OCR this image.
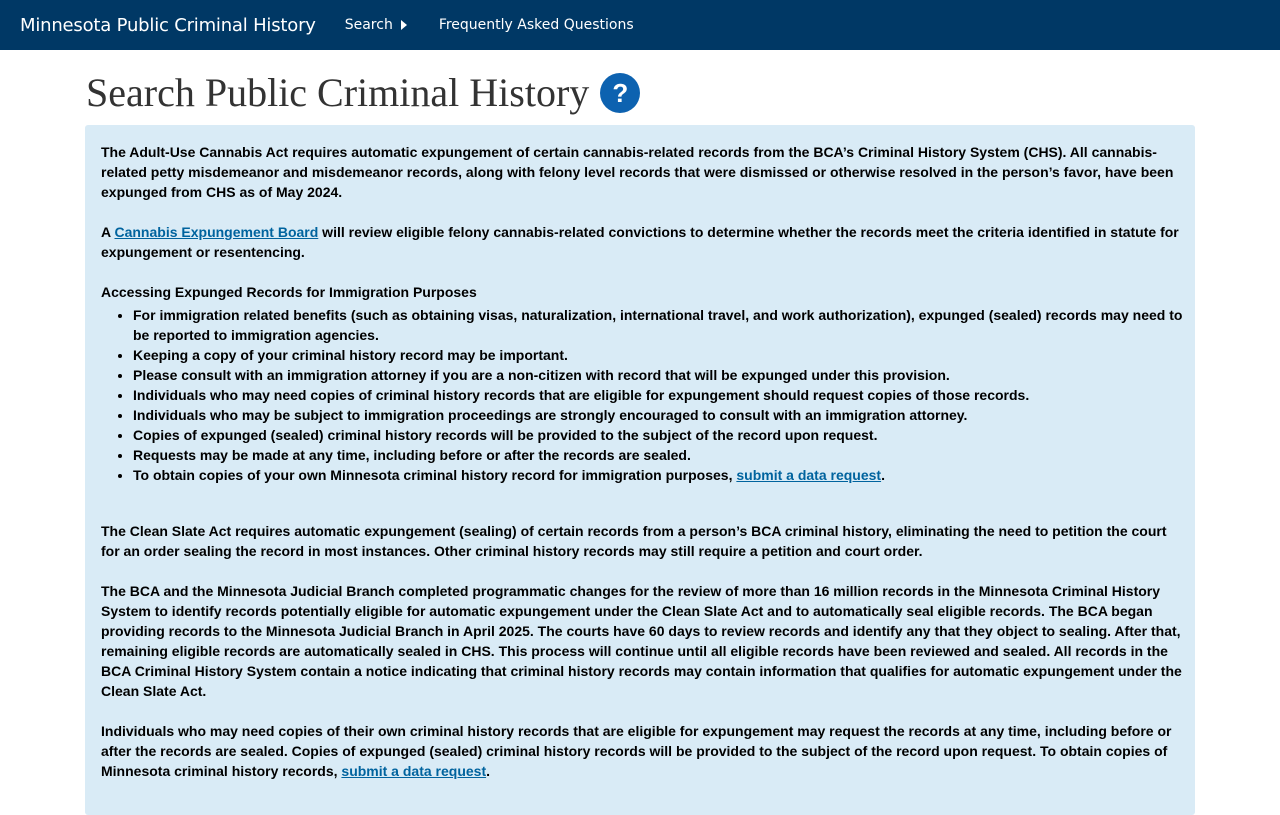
Minnesota Public Criminal History Search	Frequently Asked Questions
Search Public Criminal History ?

The Adult-Use Cannabis Act requires automatic expungement of certain cannabis-related records from the BCA’s Criminal History System (CHS). All cannabis-related petty misdemeanor and misdemeanor records, along with felony level records that were dismissed or otherwise resolved in the person’s favor, have been expunged from CHS as of May 2024.

A Cannabis Expungement Board will review eligible felony cannabis-related convictions to determine whether the records meet the criteria identified in statute for expungement or resentencing.

Accessing Expunged Records for Immigration Purposes
• For immigration related benefits (such as obtaining visas, naturalization, international travel, and work authorization), expunged (sealed) records may need to be reported to immigration agencies.
• Keeping a copy of your criminal history record may be important.
• Please consult with an immigration attorney if you are a non-citizen with record that will be expunged under this provision.
• Individuals who may need copies of criminal history records that are eligible for expungement should request copies of those records.
• Individuals who may be subject to immigration proceedings are strongly encouraged to consult with an immigration attorney.
• Copies of expunged (sealed) criminal history records will be provided to the subject of the record upon request.
• Requests may be made at any time, including before or after the records are sealed.
• To obtain copies of your own Minnesota criminal history record for immigration purposes, submit a data request.

The Clean Slate Act requires automatic expungement (sealing) of certain records from a person’s BCA criminal history, eliminating the need to petition the court for an order sealing the record in most instances. Other criminal history records may still require a petition and court order.

The BCA and the Minnesota Judicial Branch completed programmatic changes for the review of more than 16 million records in the Minnesota Criminal History System to identify records potentially eligible for automatic expungement under the Clean Slate Act and to automatically seal eligible records. The BCA began providing records to the Minnesota Judicial Branch in April 2025. The courts have 60 days to review records and identify any that they object to sealing. After that, remaining eligible records are automatically sealed in CHS. This process will continue until all eligible records have been reviewed and sealed. All records in the BCA Criminal History System contain a notice indicating that criminal history records may contain information that qualifies for automatic expungement under the Clean Slate Act.

Individuals who may need copies of their own criminal history records that are eligible for expungement may request the records at any time, including before or after the records are sealed. Copies of expunged (sealed) criminal history records will be provided to the subject of the record upon request. To obtain copies of Minnesota criminal history records, submit a data request.
